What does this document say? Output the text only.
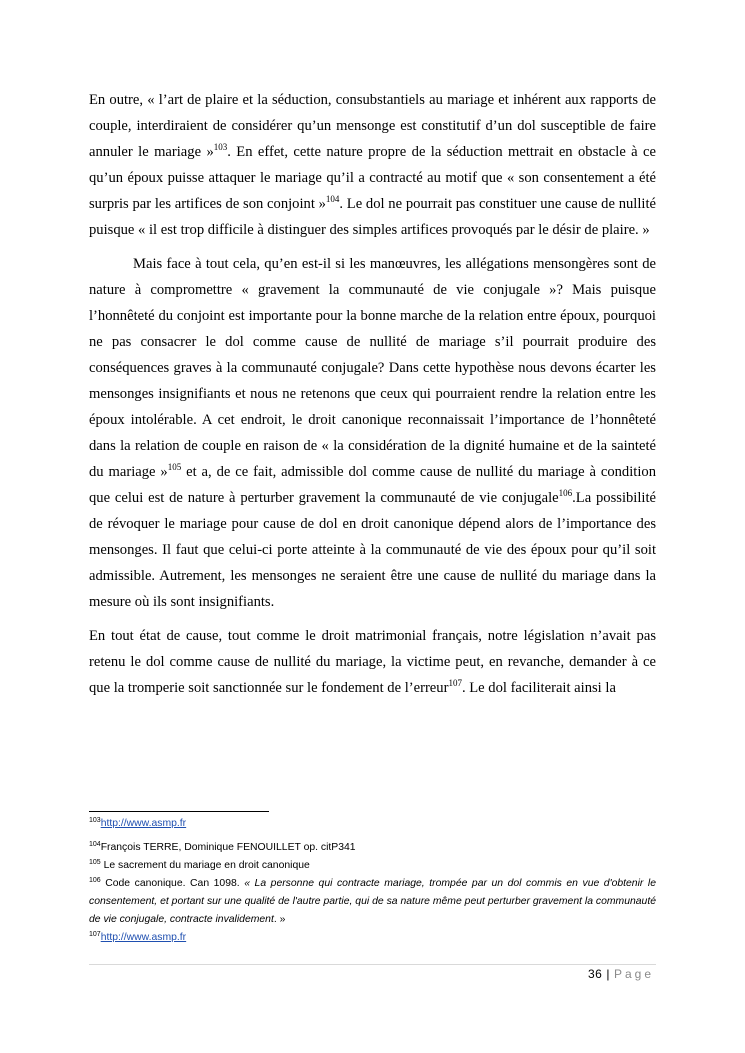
En outre, « l’art de plaire et la séduction, consubstantiels au mariage et inhérent aux rapports de couple, interdiraient de considérer qu’un mensonge est constitutif d’un dol susceptible de faire annuler le mariage »$^{103}$. En effet, cette nature propre de la séduction mettrait en obstacle à ce qu’un époux puisse attaquer le mariage qu’il a contracté au motif que « son consentement a été surpris par les artifices de son conjoint »$^{104}$. Le dol ne pourrait pas constituer une cause de nullité puisque « il est trop difficile à distinguer des simples artifices provoqués par le désir de plaire. »

Mais face à tout cela, qu’en est-il si les manœuvres, les allégations mensongères sont de nature à compromettre « gravement la communauté de vie conjugale »? Mais puisque l’honnêteté du conjoint est importante pour la bonne marche de la relation entre époux, pourquoi ne pas consacrer le dol comme cause de nullité de mariage s’il pourrait produire des conséquences graves à la communauté conjugale? Dans cette hypothèse nous devons écarter les mensonges insignifiants et nous ne retenons que ceux qui pourraient rendre la relation entre les époux intolérable. A cet endroit, le droit canonique reconnaissait l’importance de l’honnêteté dans la relation de couple en raison de « la considération de la dignité humaine et de la sainteté du mariage »$^{105}$ et a, de ce fait, admissible dol comme cause de nullité du mariage à condition que celui est de nature à perturber gravement la communauté de vie conjugale$^{106}$.La possibilité de révoquer le mariage pour cause de dol en droit canonique dépend alors de l’importance des mensonges. Il faut que celui-ci porte atteinte à la communauté de vie des époux pour qu’il soit admissible. Autrement, les mensonges ne seraient être une cause de nullité du mariage dans la mesure où ils sont insignifiants.

En tout état de cause, tout comme le droit matrimonial français, notre législation n’avait pas retenu le dol comme cause de nullité du mariage, la victime peut, en revanche, demander à ce que la tromperie soit sanctionnée sur le fondement de l’erreur$^{107}$. Le dol faciliterait ainsi la

$^{103}$http://www.asmp.fr

$^{104}$François TERRE, Dominique FENOUILLET op. citP341

$^{105}$ Le sacrement du mariage en droit canonique

$^{106}$ Code canonique. Can 1098. « La personne qui contracte mariage, trompée par un dol commis en vue d'obtenir le consentement, et portant sur une qualité de l'autre partie, qui de sa nature même peut perturber gravement la communauté de vie conjugale, contracte invalidement. »

$^{107}$http://www.asmp.fr

36 | Page
